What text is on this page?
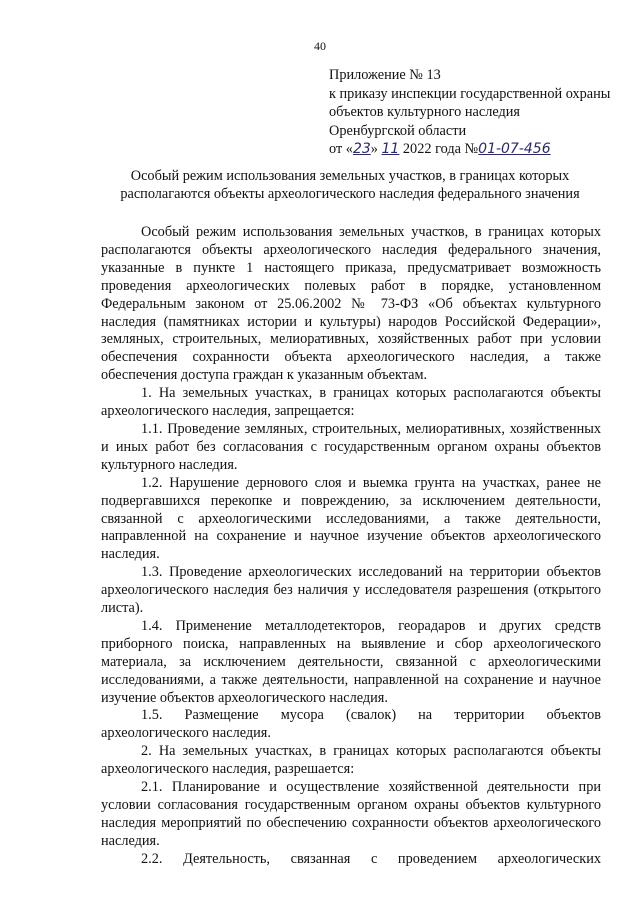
40
Приложение № 13
к приказу инспекции государственной охраны
объектов культурного наследия
Оренбургской области
от «23» 11 2022 года №01-07-456
Особый режим использования земельных участков, в границах которых
располагаются объекты археологического наследия федерального значения

Особый режим использования земельных участков, в границах которых располагаются объекты археологического наследия федерального значения, указанные в пункте 1 настоящего приказа, предусматривает возможность проведения археологических полевых работ в порядке, установленном Федеральным законом от 25.06.2002 № 73-ФЗ «Об объектах культурного наследия (памятниках истории и культуры) народов Российской Федерации», земляных, строительных, мелиоративных, хозяйственных работ при условии обеспечения сохранности объекта археологического наследия, а также обеспечения доступа граждан к указанным объектам.

1. На земельных участках, в границах которых располагаются объекты археологического наследия, запрещается:

1.1. Проведение земляных, строительных, мелиоративных, хозяйственных и иных работ без согласования с государственным органом охраны объектов культурного наследия.

1.2. Нарушение дернового слоя и выемка грунта на участках, ранее не подвергавшихся перекопке и повреждению, за исключением деятельности, связанной с археологическими исследованиями, а также деятельности, направленной на сохранение и научное изучение объектов археологического наследия.

1.3. Проведение археологических исследований на территории объектов археологического наследия без наличия у исследователя разрешения (открытого листа).

1.4. Применение металлодетекторов, георадаров и других средств приборного поиска, направленных на выявление и сбор археологического материала, за исключением деятельности, связанной с археологическими исследованиями, а также деятельности, направленной на сохранение и научное изучение объектов археологического наследия.

1.5. Размещение мусора (свалок) на территории объектов археологического наследия.

2. На земельных участках, в границах которых располагаются объекты археологического наследия, разрешается:

2.1. Планирование и осуществление хозяйственной деятельности при условии согласования государственным органом охраны объектов культурного наследия мероприятий по обеспечению сохранности объектов археологического наследия.

2.2. Деятельность, связанная с проведением археологических
